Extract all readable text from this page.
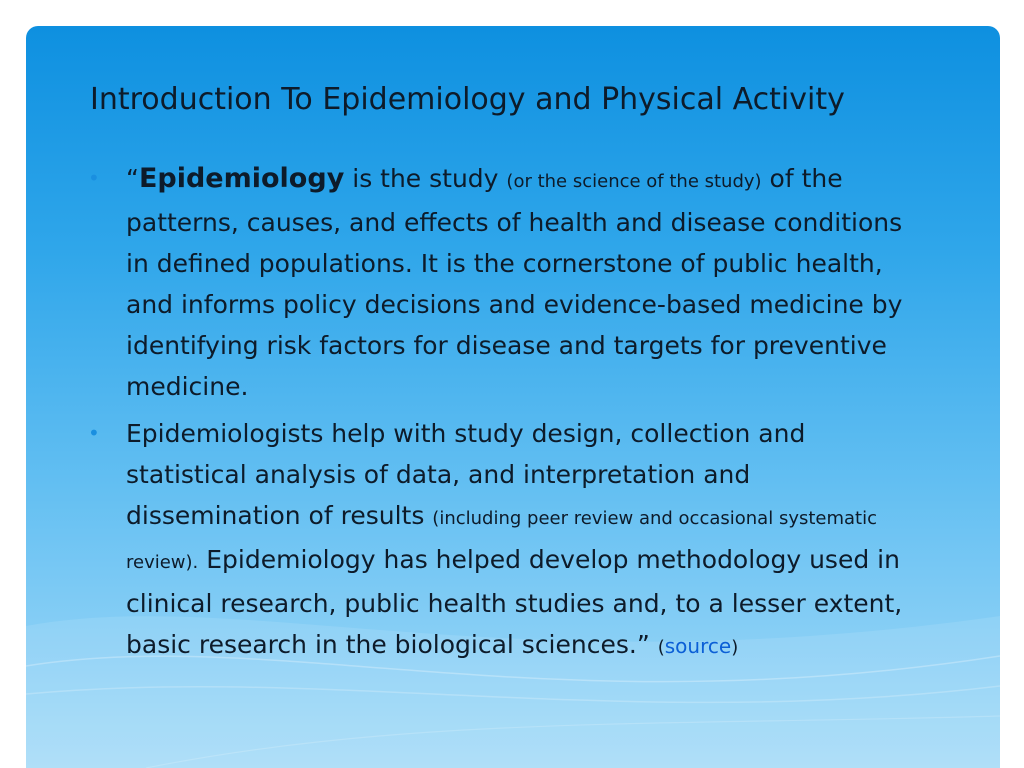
Introduction To Epidemiology and Physical Activity
•	“Epidemiology is the study (or the science of the study) of the patterns, causes, and effects of health and disease conditions in defined populations. It is the cornerstone of public health, and informs policy decisions and evidence-based medicine by identifying risk factors for disease and targets for preventive medicine.
•	Epidemiologists help with study design, collection and statistical analysis of data, and interpretation and dissemination of results (including peer review and occasional systematic review). Epidemiology has helped develop methodology used in clinical research, public health studies and, to a lesser extent, basic research in the biological sciences.” (source)
